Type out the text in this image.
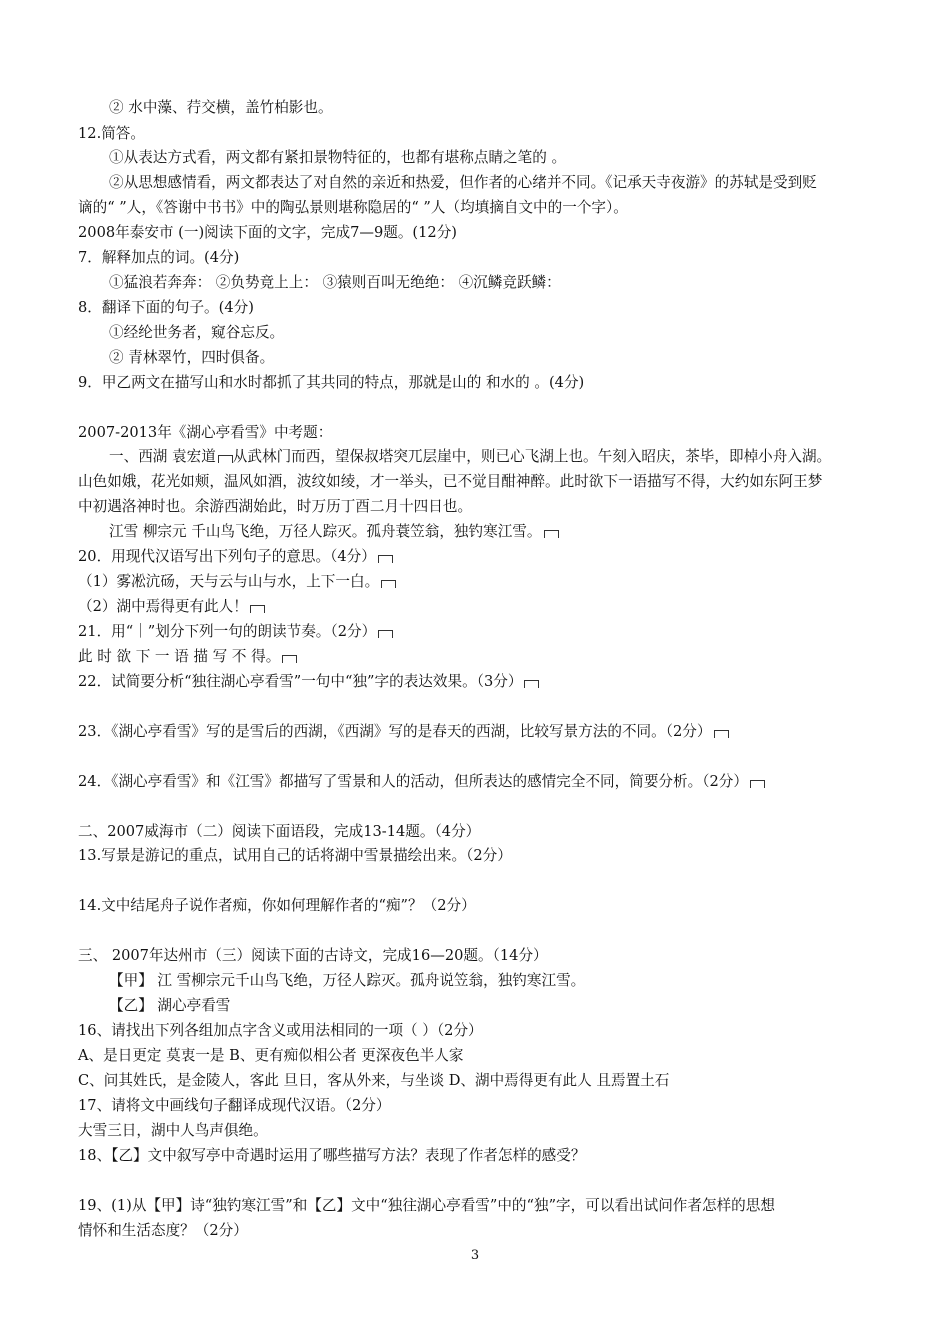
② 水中藻、荇交横，盖竹柏影也。
12.简答。
①从表达方式看，两文都有紧扣景物特征的，也都有堪称点睛之笔的 。
②从思想感情看，两文都表达了对自然的亲近和热爱，但作者的心绪并不同。《记承天寺夜游》的苏轼是受到贬
谪的“ ”人，《答谢中书书》中的陶弘景则堪称隐居的“ ”人（均填摘自文中的一个字）。
2008年泰安市 (一)阅读下面的文字，完成7—9题。(12分)
7．解释加点的词。(4分)
①猛浪若奔奔： ②负势竟上上： ③猿则百叫无绝绝： ④沉鳞竞跃鳞：
8．翻译下面的句子。(4分)
①经纶世务者，窥谷忘反。
② 青林翠竹，四时俱备。
9．甲乙两文在描写山和水时都抓了其共同的特点，那就是山的 和水的 。(4分)
2007-2013年《湖心亭看雪》中考题：
一、西湖 袁宏道 从武林门而西，望保叔塔突兀层崖中，则已心飞湖上也。午刻入昭庆，茶毕，即棹小舟入湖。
山色如娥，花光如颊，温风如酒，波纹如绫，才一举头，已不觉目酣神醉。此时欲下一语描写不得，大约如东阿王梦
中初遇洛神时也。余游西湖始此，时万历丁酉二月十四日也。
江雪 柳宗元 千山鸟飞绝，万径人踪灭。孤舟蓑笠翁，独钓寒江雪。
20．用现代汉语写出下列句子的意思。（4分）
（1）雾凇沆砀，天与云与山与水，上下一白。
（2）湖中焉得更有此人！
21．用“｜”划分下列一句的朗读节奏。（2分）
此 时 欲 下 一 语 描 写 不 得。
22．试简要分析“独往湖心亭看雪”一句中“独”字的表达效果。（3分）
23．《湖心亭看雪》写的是雪后的西湖，《西湖》写的是春天的西湖，比较写景方法的不同。（2分）
24．《湖心亭看雪》和《江雪》都描写了雪景和人的活动，但所表达的感情完全不同，简要分析。（2分）
二、2007威海市（二）阅读下面语段，完成13-14题。（4分）
13.写景是游记的重点，试用自己的话将湖中雪景描绘出来。（2分）
14.文中结尾舟子说作者痴，你如何理解作者的“痴”？（2分）
三、 2007年达州市（三）阅读下面的古诗文，完成16—20题。（14分）
【甲】 江 雪柳宗元千山鸟飞绝，万径人踪灭。孤舟说笠翁，独钓寒江雪。
【乙】 湖心亭看雪
16、请找出下列各组加点字含义或用法相同的一项（ ）（2分）
A、是日更定 莫衷一是 B、更有痴似相公者 更深夜色半人家
C、问其姓氏，是金陵人，客此 旦日，客从外来，与坐谈 D、湖中焉得更有此人 且焉置土石
17、请将文中画线句子翻译成现代汉语。（2分）
大雪三日，湖中人鸟声俱绝。
18、【乙】文中叙写亭中奇遇时运用了哪些描写方法？表现了作者怎样的感受？
19、(1)从【甲】诗“独钓寒江雪”和【乙】文中“独往湖心亭看雪”中的“独”字，可以看出试问作者怎样的思想
情怀和生活态度？（2分）
3
